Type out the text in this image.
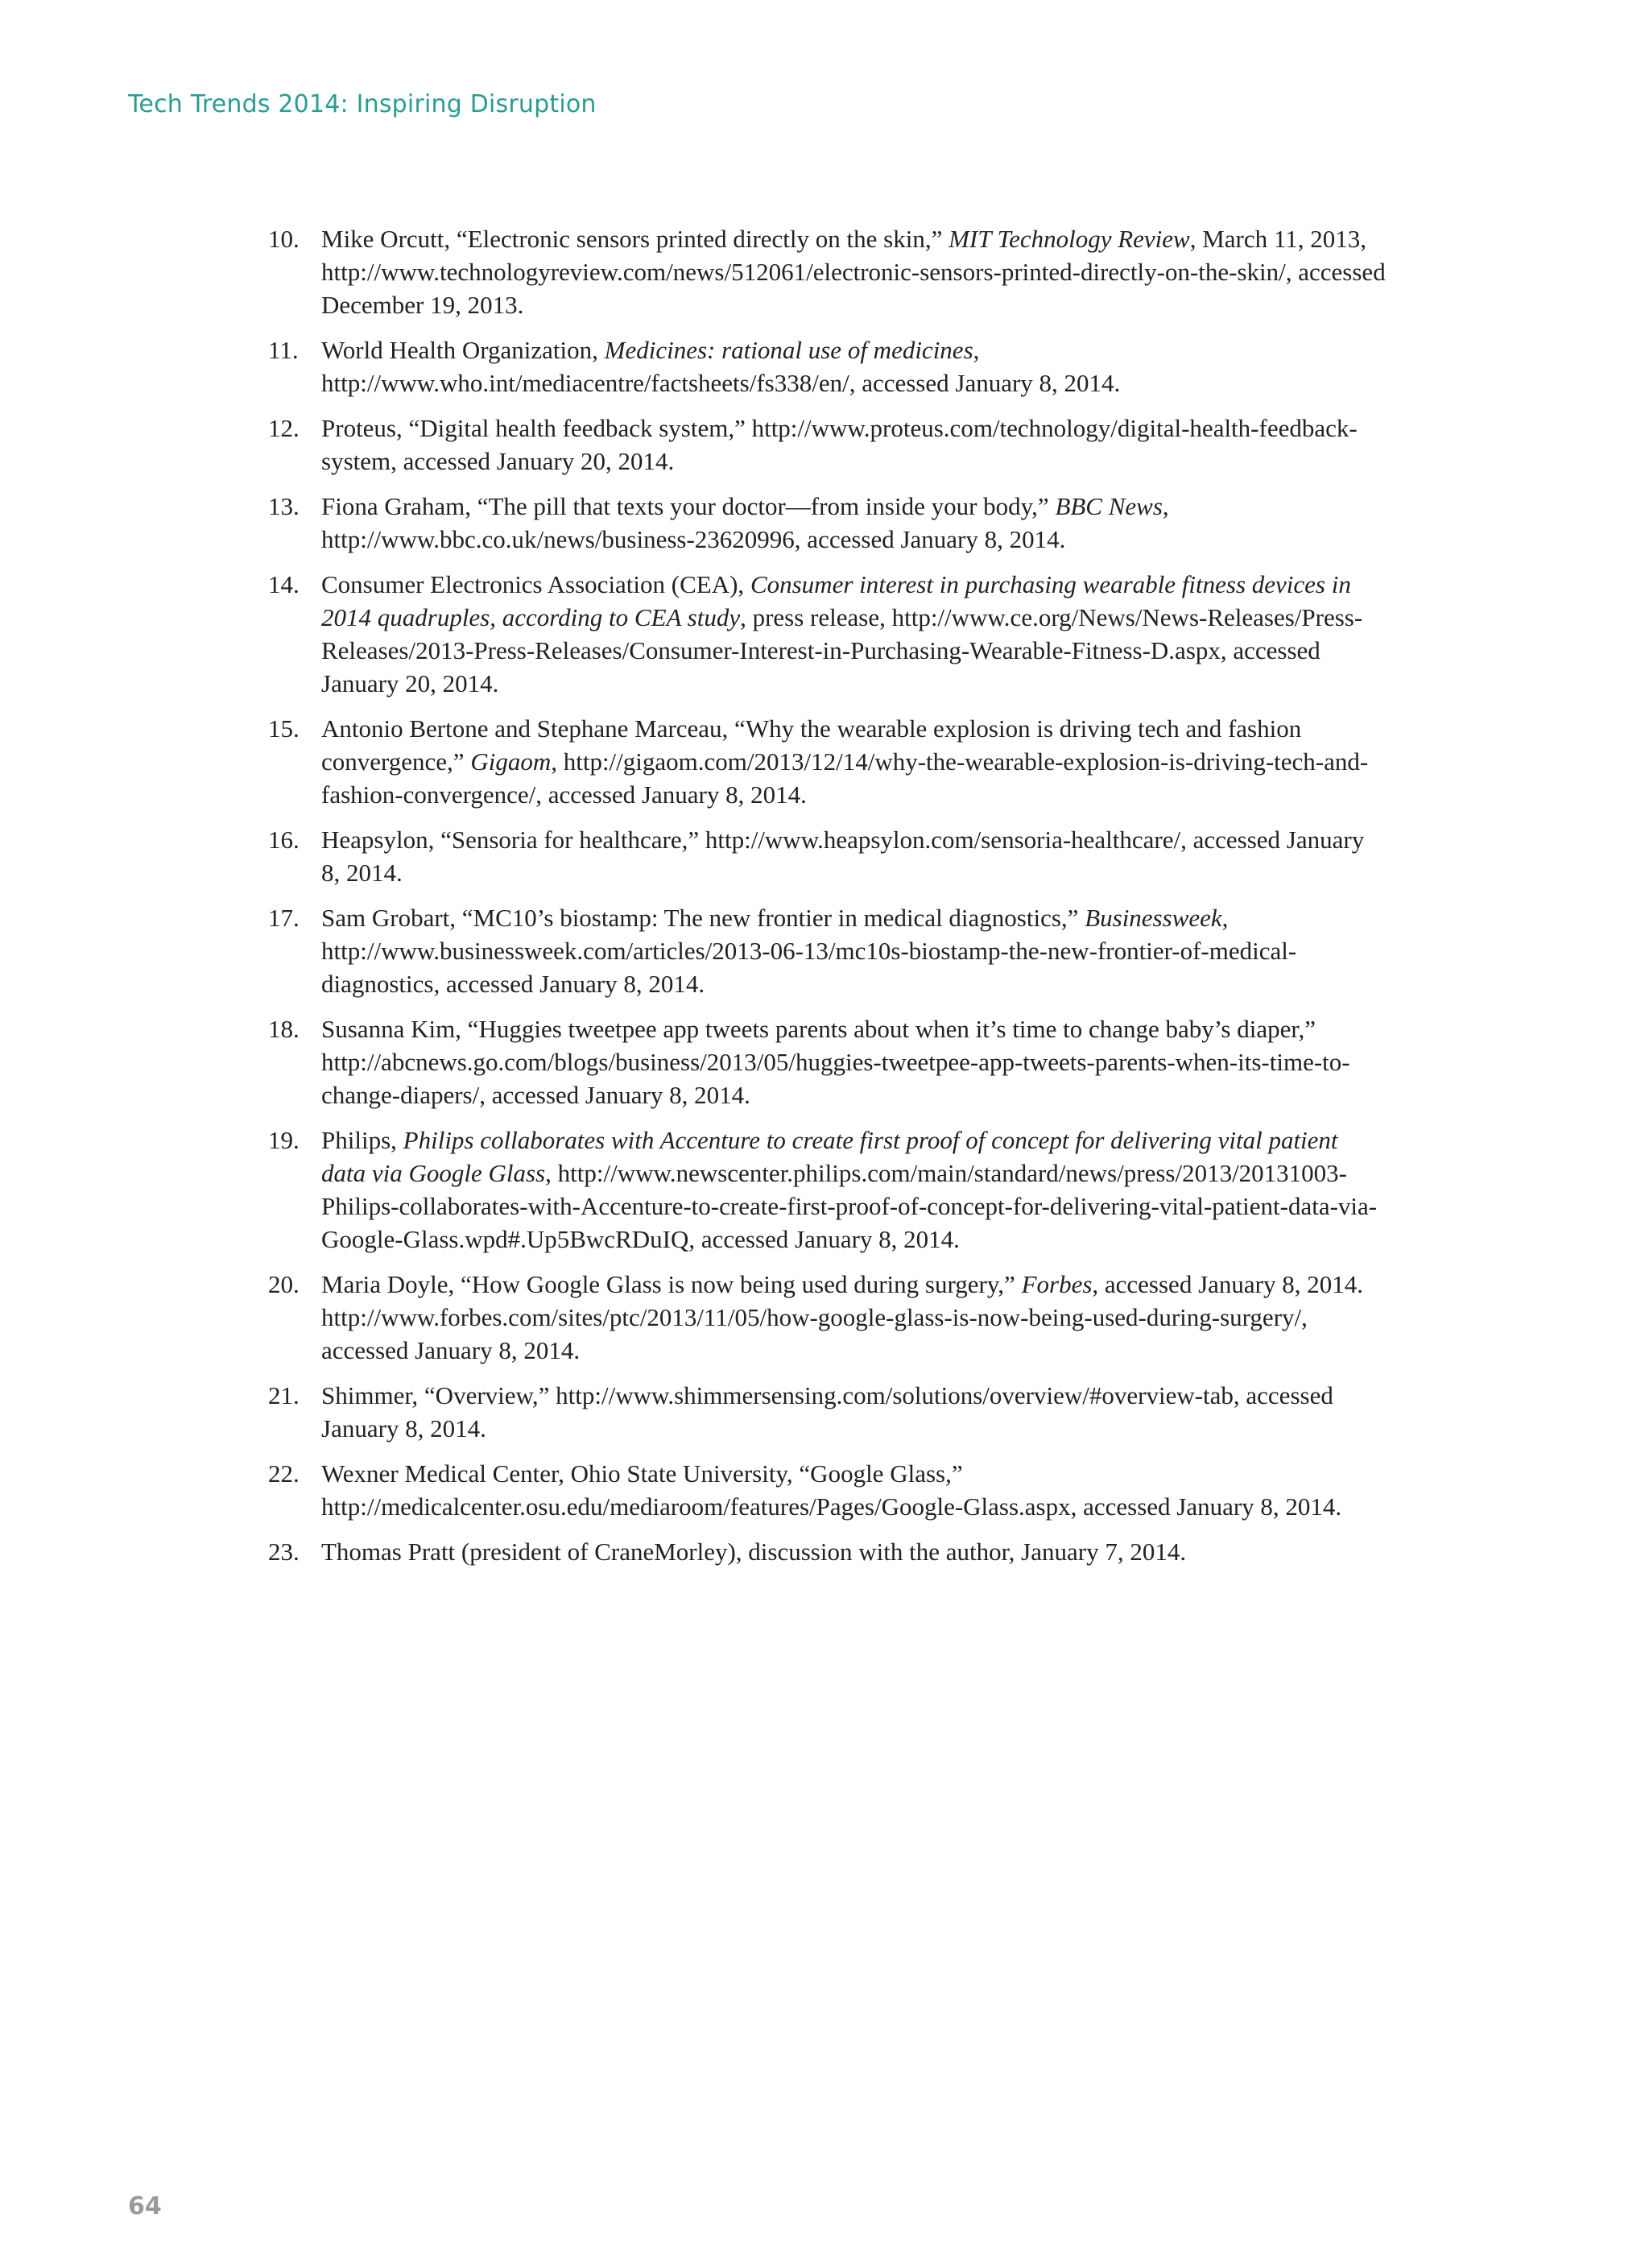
Tech Trends 2014: Inspiring Disruption
10. Mike Orcutt, “Electronic sensors printed directly on the skin,” MIT Technology Review, March 11, 2013, http://www.technologyreview.com/news/512061/electronic-sensors-printed-directly-on-the-skin/, accessed December 19, 2013.
11. World Health Organization, Medicines: rational use of medicines, http://www.who.int/mediacentre/factsheets/fs338/en/, accessed January 8, 2014.
12. Proteus, “Digital health feedback system,” http://www.proteus.com/technology/digital-health-feedback-system, accessed January 20, 2014.
13. Fiona Graham, “The pill that texts your doctor—from inside your body,” BBC News, http://www.bbc.co.uk/news/business-23620996, accessed January 8, 2014.
14. Consumer Electronics Association (CEA), Consumer interest in purchasing wearable fitness devices in 2014 quadruples, according to CEA study, press release, http://www.ce.org/News/News-Releases/Press-Releases/2013-Press-Releases/Consumer-Interest-in-Purchasing-Wearable-Fitness-D.aspx, accessed January 20, 2014.
15. Antonio Bertone and Stephane Marceau, “Why the wearable explosion is driving tech and fashion convergence,” Gigaom, http://gigaom.com/2013/12/14/why-the-wearable-explosion-is-driving-tech-and-fashion-convergence/, accessed January 8, 2014.
16. Heapsylon, “Sensoria for healthcare,” http://www.heapsylon.com/sensoria-healthcare/, accessed January 8, 2014.
17. Sam Grobart, “MC10’s biostamp: The new frontier in medical diagnostics,” Businessweek, http://www.businessweek.com/articles/2013-06-13/mc10s-biostamp-the-new-frontier-of-medical-diagnostics, accessed January 8, 2014.
18. Susanna Kim, “Huggies tweetpee app tweets parents about when it’s time to change baby’s diaper,” http://abcnews.go.com/blogs/business/2013/05/huggies-tweetpee-app-tweets-parents-when-its-time-to-change-diapers/, accessed January 8, 2014.
19. Philips, Philips collaborates with Accenture to create first proof of concept for delivering vital patient data via Google Glass, http://www.newscenter.philips.com/main/standard/news/press/2013/20131003-Philips-collaborates-with-Accenture-to-create-first-proof-of-concept-for-delivering-vital-patient-data-via-Google-Glass.wpd#.Up5BwcRDuIQ, accessed January 8, 2014.
20. Maria Doyle, “How Google Glass is now being used during surgery,” Forbes, accessed January 8, 2014. http://www.forbes.com/sites/ptc/2013/11/05/how-google-glass-is-now-being-used-during-surgery/, accessed January 8, 2014.
21. Shimmer, “Overview,” http://www.shimmersensing.com/solutions/overview/#overview-tab, accessed January 8, 2014.
22. Wexner Medical Center, Ohio State University, “Google Glass,” http://medicalcenter.osu.edu/mediaroom/features/Pages/Google-Glass.aspx, accessed January 8, 2014.
23. Thomas Pratt (president of CraneMorley), discussion with the author, January 7, 2014.
64
